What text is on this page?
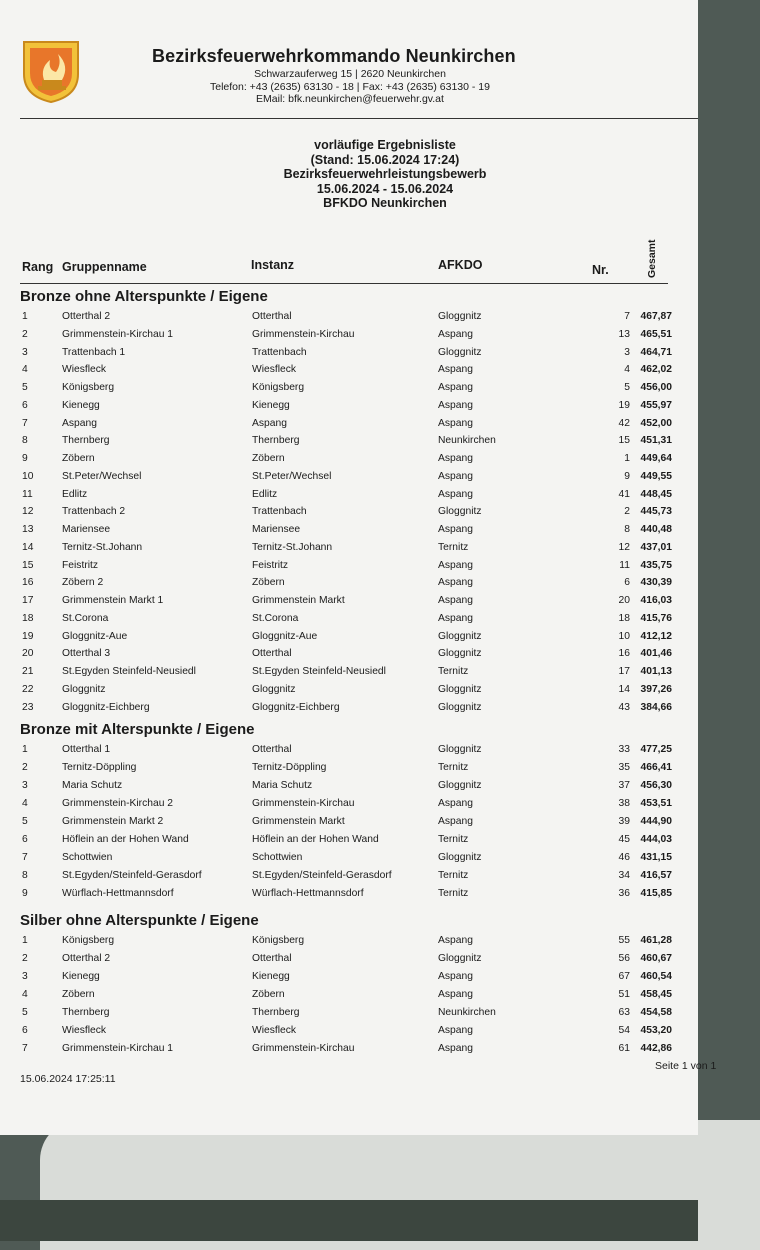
Bezirksfeuerwehrkommando Neunkirchen
Schwarzauferweg 15 | 2620 Neunkirchen
Telefon: +43 (2635) 63130 - 18 | Fax: +43 (2635) 63130 - 19
EMail: bfk.neunkirchen@feuerwehr.gv.at
vorläufige Ergebnisliste
(Stand: 15.06.2024 17:24)
Bezirksfeuerwehrleistungsbewerb
15.06.2024 - 15.06.2024
BFKDO Neunkirchen
Rang Gruppenname	Instanz	AFKDO	Nr.	Gesamt
Bronze ohne Alterspunkte / Eigene
1	Otterthal 2	Otterthal	Gloggnitz	7	467,87
2	Grimmenstein-Kirchau 1	Grimmenstein-Kirchau	Aspang	13	465,51
3	Trattenbach 1	Trattenbach	Gloggnitz	3	464,71
4	Wiesfleck	Wiesfleck	Aspang	4	462,02
5	Königsberg	Königsberg	Aspang	5	456,00
6	Kienegg	Kienegg	Aspang	19	455,97
7	Aspang	Aspang	Aspang	42	452,00
8	Thernberg	Thernberg	Neunkirchen	15	451,31
9	Zöbern	Zöbern	Aspang	1	449,64
10	St.Peter/Wechsel	St.Peter/Wechsel	Aspang	9	449,55
11	Edlitz	Edlitz	Aspang	41	448,45
12	Trattenbach 2	Trattenbach	Gloggnitz	2	445,73
13	Mariensee	Mariensee	Aspang	8	440,48
14	Ternitz-St.Johann	Ternitz-St.Johann	Ternitz	12	437,01
15	Feistritz	Feistritz	Aspang	11	435,75
16	Zöbern 2	Zöbern	Aspang	6	430,39
17	Grimmenstein Markt 1	Grimmenstein Markt	Aspang	20	416,03
18	St.Corona	St.Corona	Aspang	18	415,76
19	Gloggnitz-Aue	Gloggnitz-Aue	Gloggnitz	10	412,12
20	Otterthal 3	Otterthal	Gloggnitz	16	401,46
21	St.Egyden Steinfeld-Neusiedl	St.Egyden Steinfeld-Neusiedl	Ternitz	17	401,13
22	Gloggnitz	Gloggnitz	Gloggnitz	14	397,26
23	Gloggnitz-Eichberg	Gloggnitz-Eichberg	Gloggnitz	43	384,66
Bronze mit Alterspunkte / Eigene
1	Otterthal 1	Otterthal	Gloggnitz	33	477,25
2	Ternitz-Döppling	Ternitz-Döppling	Ternitz	35	466,41
3	Maria Schutz	Maria Schutz	Gloggnitz	37	456,30
4	Grimmenstein-Kirchau 2	Grimmenstein-Kirchau	Aspang	38	453,51
5	Grimmenstein Markt 2	Grimmenstein Markt	Aspang	39	444,90
6	Höflein an der Hohen Wand	Höflein an der Hohen Wand	Ternitz	45	444,03
7	Schottwien	Schottwien	Gloggnitz	46	431,15
8	St.Egyden/Steinfeld-Gerasdorf	St.Egyden/Steinfeld-Gerasdorf	Ternitz	34	416,57
9	Würflach-Hettmannsdorf	Würflach-Hettmannsdorf	Ternitz	36	415,85
Silber ohne Alterspunkte / Eigene
1	Königsberg	Königsberg	Aspang	55	461,28
2	Otterthal 2	Otterthal	Gloggnitz	56	460,67
3	Kienegg	Kienegg	Aspang	67	460,54
4	Zöbern	Zöbern	Aspang	51	458,45
5	Thernberg	Thernberg	Neunkirchen	63	454,58
6	Wiesfleck	Wiesfleck	Aspang	54	453,20
7	Grimmenstein-Kirchau 1	Grimmenstein-Kirchau	Aspang	61	442,86
15.06.2024 17:25:11
Seite 1 von 1
